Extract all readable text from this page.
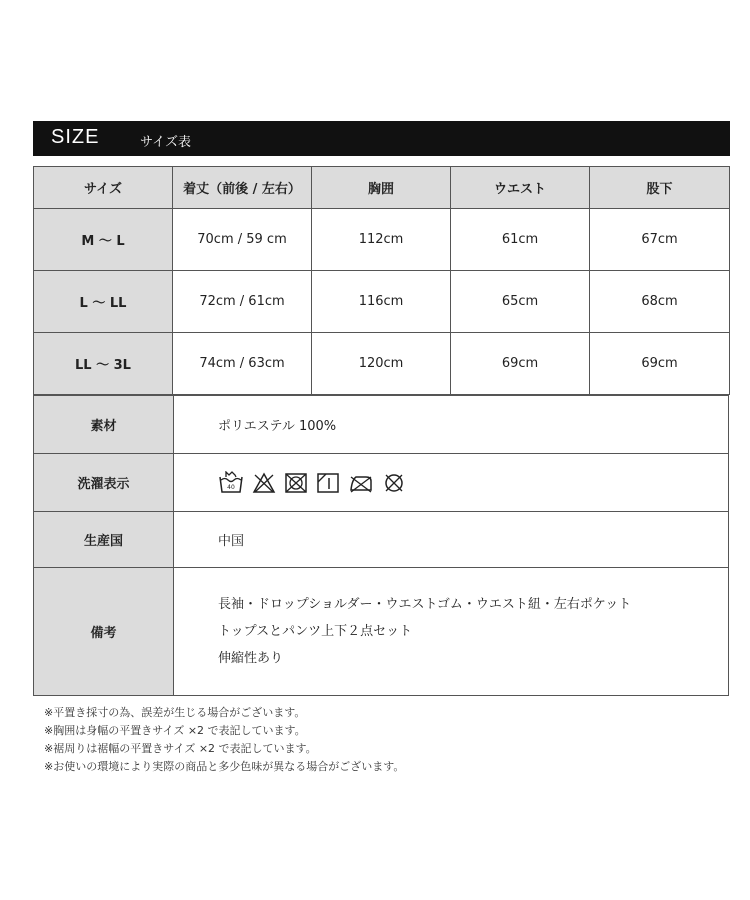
SIZE	サイズ表
サイズ	着丈（前後 / 左右）	胸囲	ウエスト	股下
M ～ L	70cm / 59 cm	112cm	61cm	67cm
L ～ LL	72cm / 61cm	116cm	65cm	68cm
LL ～ 3L	74cm / 63cm	120cm	69cm	69cm
素材	ポリエステル 100%
洗濯表示	40

生産国	中国
備考	長袖・ドロップショルダー・ウエストゴム・ウエスト紐・左右ポケット
トップスとパンツ上下２点セット
伸縮性あり
※平置き採寸の為、誤差が生じる場合がございます。
※胸囲は身幅の平置きサイズ ×2 で表記しています。
※裾周りは裾幅の平置きサイズ ×2 で表記しています。
※お使いの環境により実際の商品と多少色味が異なる場合がございます。
